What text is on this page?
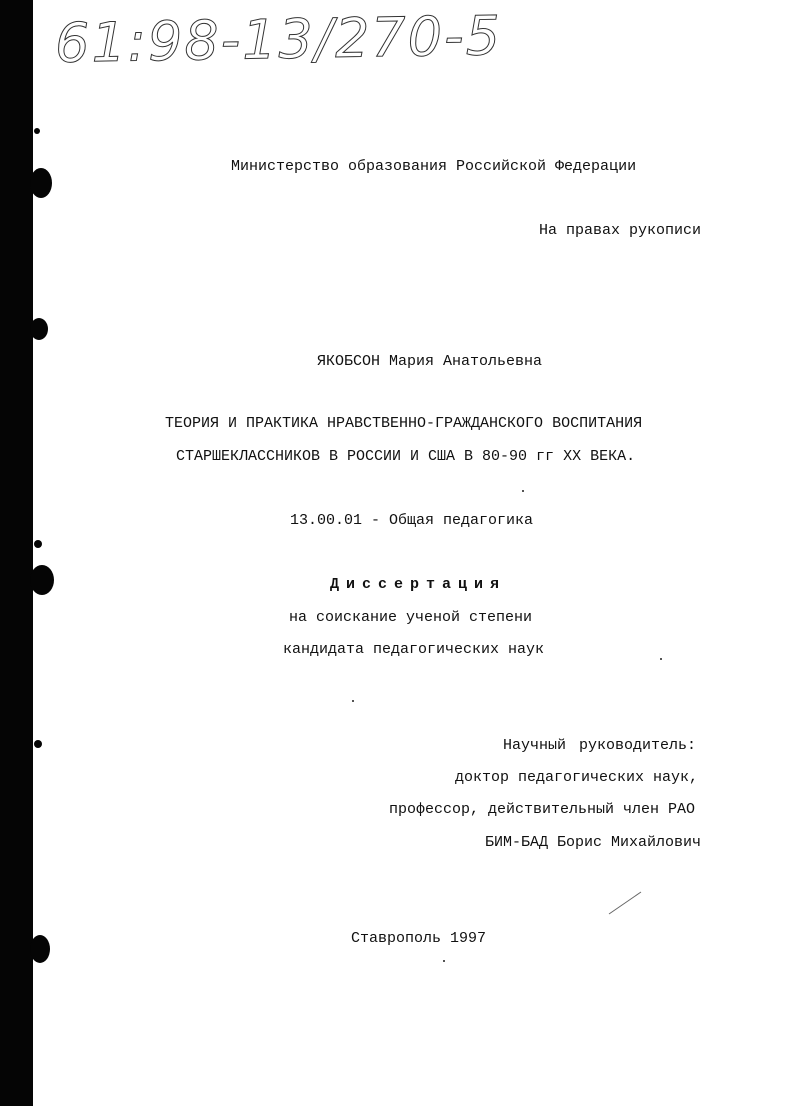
61:98-13/270-5
Министерство образования Российской Федерации
На правах рукописи
ЯКОБСОН Мария Анатольевна
ТЕОРИЯ И ПРАКТИКА НРАВСТВЕННО-ГРАЖДАНСКОГО ВОСПИТАНИЯ
СТАРШЕКЛАССНИКОВ В РОССИИ И США В 80-90 гг XX ВЕКА.
13.00.01 - Общая педагогика
Диссертация
на соискание ученой степени
кандидата педагогических наук
Научный руководитель:
доктор педагогических наук,
профессор, действительный член РАО
БИМ-БАД Борис Михайлович
Ставрополь 1997
